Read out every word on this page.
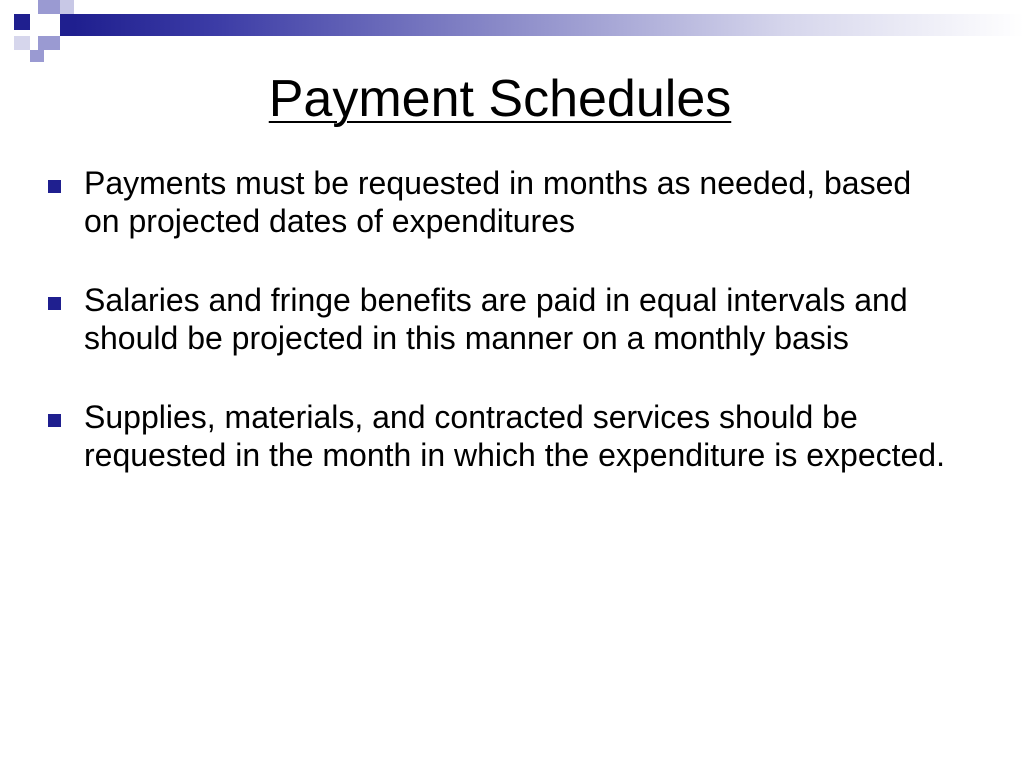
Payment Schedules
Payments must be requested in months as needed, based on projected dates of expenditures
Salaries and fringe benefits are paid in equal intervals and should be projected in this manner on a monthly basis
Supplies, materials, and contracted services should be requested in the month in which the expenditure is expected.
